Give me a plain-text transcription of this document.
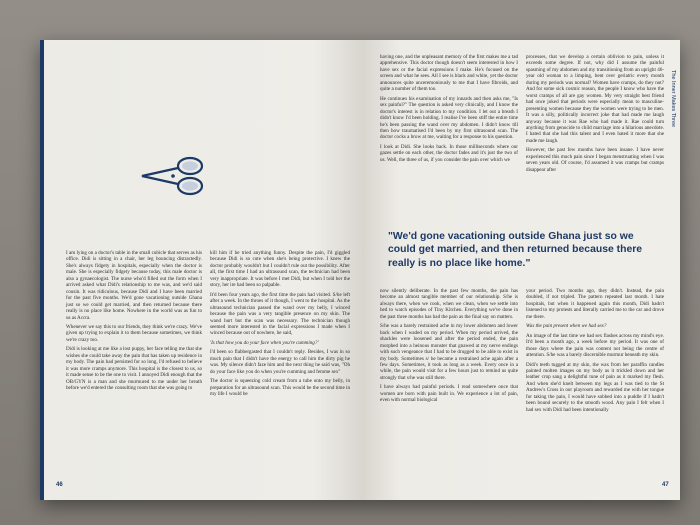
I am lying on a doctor's table in the small cubicle that serves as his office. Didi is sitting in a chair, her leg bouncing distractedly. She's always fidgety in hospitals, especially when the doctor is male. She is especially fidgety because today, this male doctor is also a gynaecologist. The nurse who'd filled out the form when I arrived asked what Didi's relationship to me was, and we'd said cousin. It was ridiculous, because Didi and I have been married for the past five months. We'd gone vacationing outside Ghana just so we could get married, and then returned because there really is no place like home. Nowhere in the world was as fun to us as Accra.

Whenever we say this to our friends, they think we're crazy. We've given up trying to explain it to them because sometimes, we think we're crazy too.

Didi is looking at me like a lost puppy, her face telling me that she wishes she could take away the pain that has taken up residence in my body. The pain had persisted for so long, I'd refused to believe it was more cramps anymore. This hospital is the closest to us, so it made sense to be the one to visit. I annoyed Didi enough that the OB/GYN is a man and she murmured to me under her breath before we'd entered the consulting room that she was going to

kill him if he tried anything funny. Despite the pain, I'd giggled because Didi is so cute when she's being protective. I knew the doctor probably wouldn't but I couldn't rule out the possibility. After all, the first time I had an ultrasound scan, the technician had been very inappropriate. It was before I met Didi, but when I told her the story, her ire had been so palpable.

It'd been four years ago, the first time the pain had visited. S/he left after a week. In the throes of it though, I went to the hospital. As the ultrasound technician passed the wand over my belly, I winced because the pain was a very tangible presence on my skin. The wand hurt but the scan was necessary. The technician though seemed more interested in the facial expressions I made when I winced because out of nowhere, he said,

'Is that how you do your face when you're cumming?'

I'd been so flabbergasted that I couldn't reply. Besides, I was in so much pain that I didn't have the energy to call him the dirty pig he was. My silence didn't faze him and the next thing he said was, "Oh do your face like you do when you're cumming and femme sex"

The doctor is squeezing cold cream from a tube onto my belly, in preparation for an ultrasound scan. This would be the second time in my life I would be

46
The Inner Makes Three

having one, and the unpleasant memory of the first makes me a tad apprehensive. This doctor though doesn't seem interested in how I have sex or the facial expressions I make. He's focused on the screen and what he sees. All I see is black and white, yet the doctor announces quite unceremoniously to me that I have fibroids, and quite a number of them too.

He continues his examination of my innards and then asks me, "Is sex painful?" The question is asked very clinically, and I know the doctor's interest is in relation to my condition. I let out a breath I didn't know I'd been holding. I realise I've been stiff the entire time he's been passing the wand over my abdomen. I didn't know till then how traumatised I'd been by my first ultrasound scan. The doctor cocks a brow at me, waiting for a response to his question.

I look at Didi. She looks back. In those milliseconds where our gazes settle on each other, the doctor fades and it's just the two of us. Well, the three of us, if you consider the pain over which we

processes, that we develop a certain oblivion to pain, unless it exceeds some degree. If not, why did I assume the painful spasming of my abdomen and my transitioning from an upright 46-year old woman to a limping, bent over geriatric every month during my periods was normal? Women have cramps, do they not? And for some sick cosmic reason, the people I know who have the worst cramps of all are gay women. My very straight best friend had once joked that periods were especially mean to masculine-presenting women because they the women were trying to be men. It was a silly, politically incorrect joke that had made me laugh anyway because it was Rae who had made it. Rae could turn anything from genocide to child marriage into a hilarious anecdote. I hated that she had this talent and I even hated it more that she made me laugh.

However, the past few months have been insane. I have never experienced this much pain since I began menstruating when I was seven years old. Of course, I'd assumed it was cramps but cramps disappear after

"We'd gone vacationing outside Ghana just so we could get married, and then returned because there really is no place like home."

now silently deliberate. In the past few months, the pain has become an almost tangible member of our relationship. S/he is always there, when we cook, when we clean, when we settle into bed to watch episodes of Tiny Kitchen. Everything we've done in the past three months has had the pain as the final say on matters.

S/he was a barely restrained ache in my lower abdomen and lower back when I waded on my period. When my period arrived, the shackles were loosened and after the period ended, the pain morphed into a heinous monster that gnawed at my nerve endings with such vengeance that I had to be drugged to be able to exist in my body. Sometimes s/ he became a restrained ache again after a few days. Sometimes, it took as long as a week. Every once in a while, the pain would visit for a few hours just to remind us quite strongly that s/he was still there.

I have always had painful periods. I read somewhere once that women are born with pain built in. We experience a lot of pain, even with normal biological

your period. Two months ago, they didn't. Instead, the pain doubled, if not tripled. The pattern repeated last month. I hate hospitals, but when it happened again this month, Didi hadn't listened to my protests and literally carried me to the car and drove me there.

Was the pain present when we had sex?

An image of the last time we had sex flashes across my mind's eye. It'd been a month ago, a week before my period. It was one of those days where the pain was content not being the centre of attention. S/he was a barely discernible murmur beneath my skin.

Didi's teeth tugged at my skin, the wax from her paraffin candles painted molten images on my body as it trickled down and her leather crop sang a delightful tune of pain as it marked my flesh. And when she'd knelt between my legs as I was tied to the St Andrew's Cross in our playroom and rewarded me with her tongue for taking the pain, I would have sobbed into a puddle if I hadn't been bound securely to the smooth wood. Any pain I felt when I had sex with Didi had been intentionally

47
